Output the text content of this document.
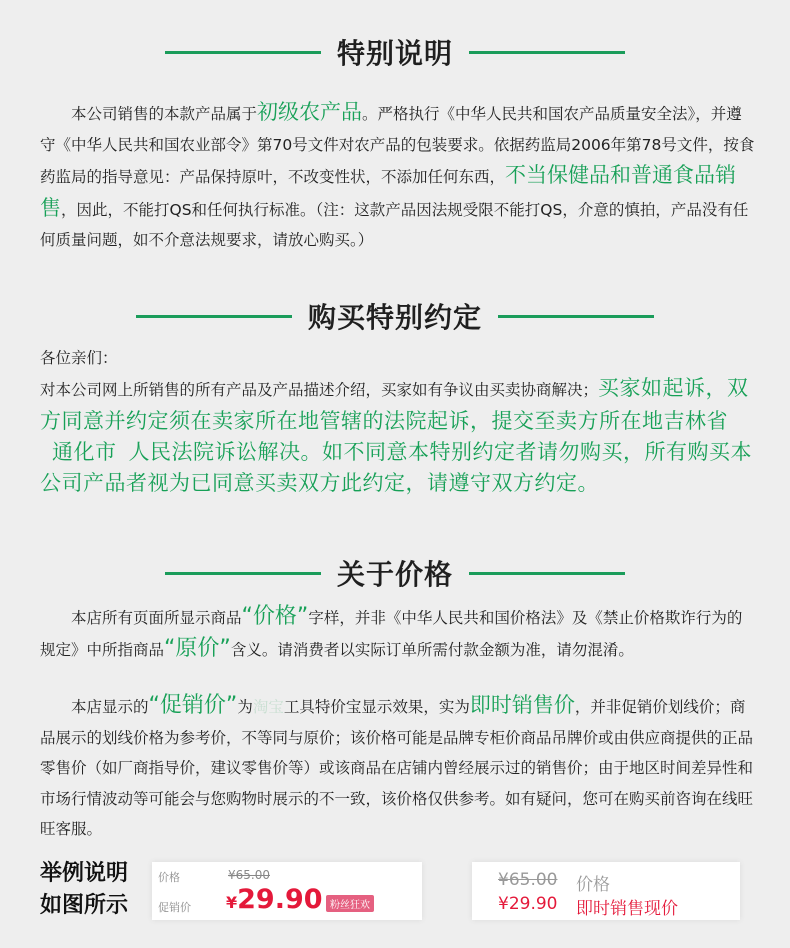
特别说明

本公司销售的本款产品属于初级农产品。严格执行《中华人民共和国农产品质量安全法》，并遵守《中华人民共和国农业部令》第70号文件对农产品的包装要求。依据药监局2006年第78号文件，按食药监局的指导意见：产品保持原叶，不改变性状，不添加任何东西，不当保健品和普通食品销售，因此，不能打QS和任何执行标准。（注：这款产品因法规受限不能打QS，介意的慎拍，产品没有任何质量问题，如不介意法规要求，请放心购买。）

购买特别约定

各位亲们：

对本公司网上所销售的所有产品及产品描述介绍，买家如有争议由买卖协商解决；买家如起诉，双方同意并约定须在卖家所在地管辖的法院起诉，提交至卖方所在地吉林省通化市 人民法院诉讼解决。如不同意本特别约定者请勿购买，所有购买本公司产品者视为已同意买卖双方此约定，请遵守双方约定。

关于价格

本店所有页面所显示商品“价格”字样，并非《中华人民共和国价格法》及《禁止价格欺诈行为的规定》中所指商品“原价”含义。请消费者以实际订单所需付款金额为准，请勿混淆。

本店显示的“促销价”为淘宝工具特价宝显示效果，实为即时销售价，并非促销价划线价；商品展示的划线价格为参考价，不等同与原价；该价格可能是品牌专柜价商品吊牌价或由供应商提供的正品零售价（如厂商指导价，建议零售价等）或该商品在店铺内曾经展示过的销售价；由于地区时间差异性和市场行情波动等可能会与您购物时展示的不一致，该价格仅供参考。如有疑问，您可在购买前咨询在线旺旺客服。

举例说明
如图所示
价格	¥65.00
促销价 ¥29.90 粉丝狂欢
¥65.00 价格
¥29.90 即时销售现价
